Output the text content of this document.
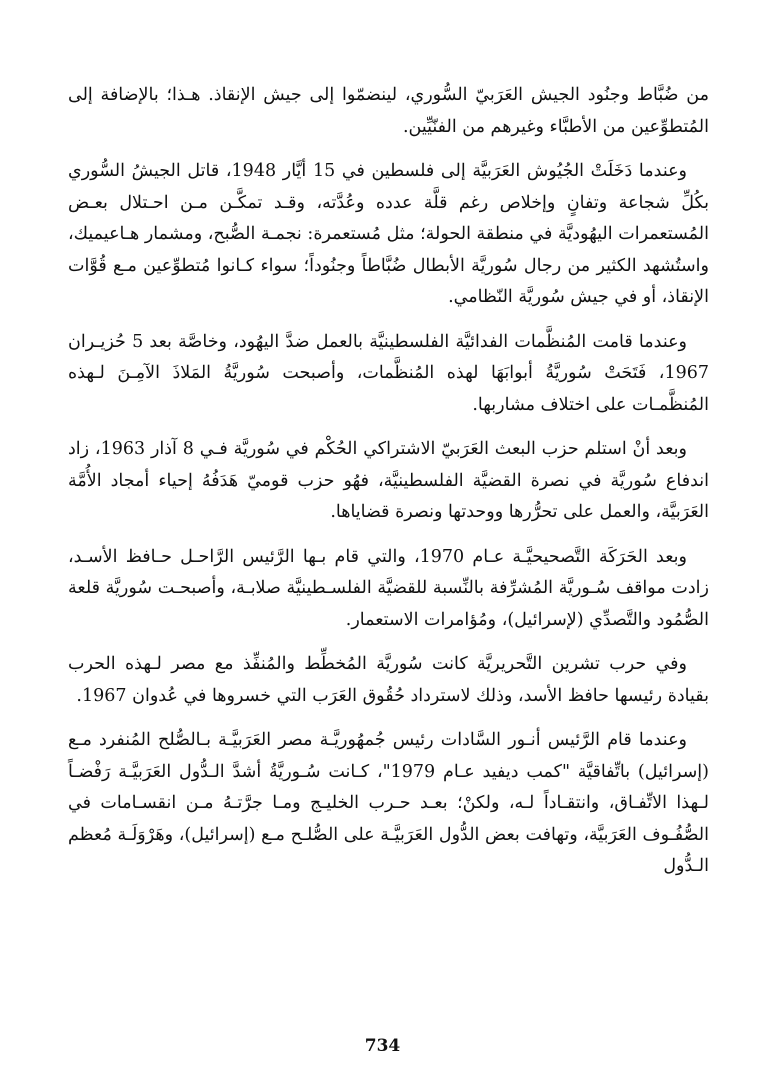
من ضُبَّاط وجنُود الجيش العَرَبيّ السُّوري، لينضمّوا إلى جيش الإنقاذ. هـذا؛ بالإضافة إلى المُتطوِّعين من الأطبَّاء وغيرهم من الفنّيِّين.

وعندما دَخَلَتْ الجُيُوش العَرَبيَّة إلى فلسطين في 15 أيَّار 1948، قاتل الجيشُ السُّوري بكُلِّ شجاعة وتفانٍ وإخلاص رغم قلَّة عدده وعُدَّته، وقـد تمكَّـن مـن احـتلال بعـض المُستعمرات اليهُوديَّة في منطقة الحولة؛ مثل مُستعمرة: نجمـة الصُّبح، ومشمار هـاعيميك، واستُشهد الكثير من رجال سُوريَّة الأبطال ضُبَّاطاً وجنُوداً؛ سواء كـانوا مُتطوِّعين مـع قُوَّات الإنقاذ، أو في جيش سُوريَّة النّظامي.

وعندما قامت المُنظَّمات الفدائيَّة الفلسطينيَّة بالعمل ضدَّ اليهُود، وخاصَّة بعد 5 حُزيـران 1967، فَتَحَتْ سُوريَّةُ أبوابَهَا لهذه المُنظَّمات، وأصبحت سُوريَّةُ المَلاذَ الآمِـنَ لـهذه المُنظَّمـات على اختلاف مشاربها.

وبعد أنْ استلم حزب البعث العَرَبيّ الاشتراكي الحُكْم في سُوريَّة فـي 8 آذار 1963، زاد اندفاع سُوريَّة في نصرة القضيَّة الفلسطينيَّة، فهُو حزب قوميّ هَدَفُهُ إحياء أمجاد الأُمَّة العَرَبيَّة، والعمل على تحرُّرها ووحدتها ونصرة قضاياها.

وبعد الحَرَكَة التَّصحيحيَّـة عـام 1970، والتي قام بـها الرَّئيس الرَّاحـل حـافظ الأسـد، زادت مواقف سُـوريَّة المُشرِّفة بالنِّسبة للقضيَّة الفلسـطينيَّة صلابـة، وأصبحـت سُوريَّة قلعة الصُّمُود والتَّصدِّي (لإسرائيل)، ومُؤامرات الاستعمار.

وفي حرب تشرين التَّحريريَّة كانت سُوريَّة المُخطِّط والمُنفِّذ مع مصر لـهذه الحرب بقيادة رئيسها حافظ الأسد، وذلك لاسترداد حُقُوق العَرَب التي خسروها في عُدوان 1967.

وعندما قام الرَّئيس أنـور السَّادات رئيس جُمهُوريَّـة مصر العَرَبيَّـة بـالصُّلح المُنفرد مـع (إسرائيل) باتِّفاقيَّة "كمب ديفيد عـام 1979"، كـانت سُـوريَّةُ أشدَّ الـدُّول العَرَبيَّـة رَفْضـاً لـهذا الاتِّفـاق، وانتقـاداً لـه، ولكنْ؛ بعـد حـرب الخليـج ومـا جرَّتـهُ مـن انقسـامات في الصُّفُـوف العَرَبيَّة، وتهافت بعض الدُّول العَرَبيَّـة على الصُّلـح مـع (إسرائيل)، وهَرْوَلَـة مُعظم الـدُّول

734
